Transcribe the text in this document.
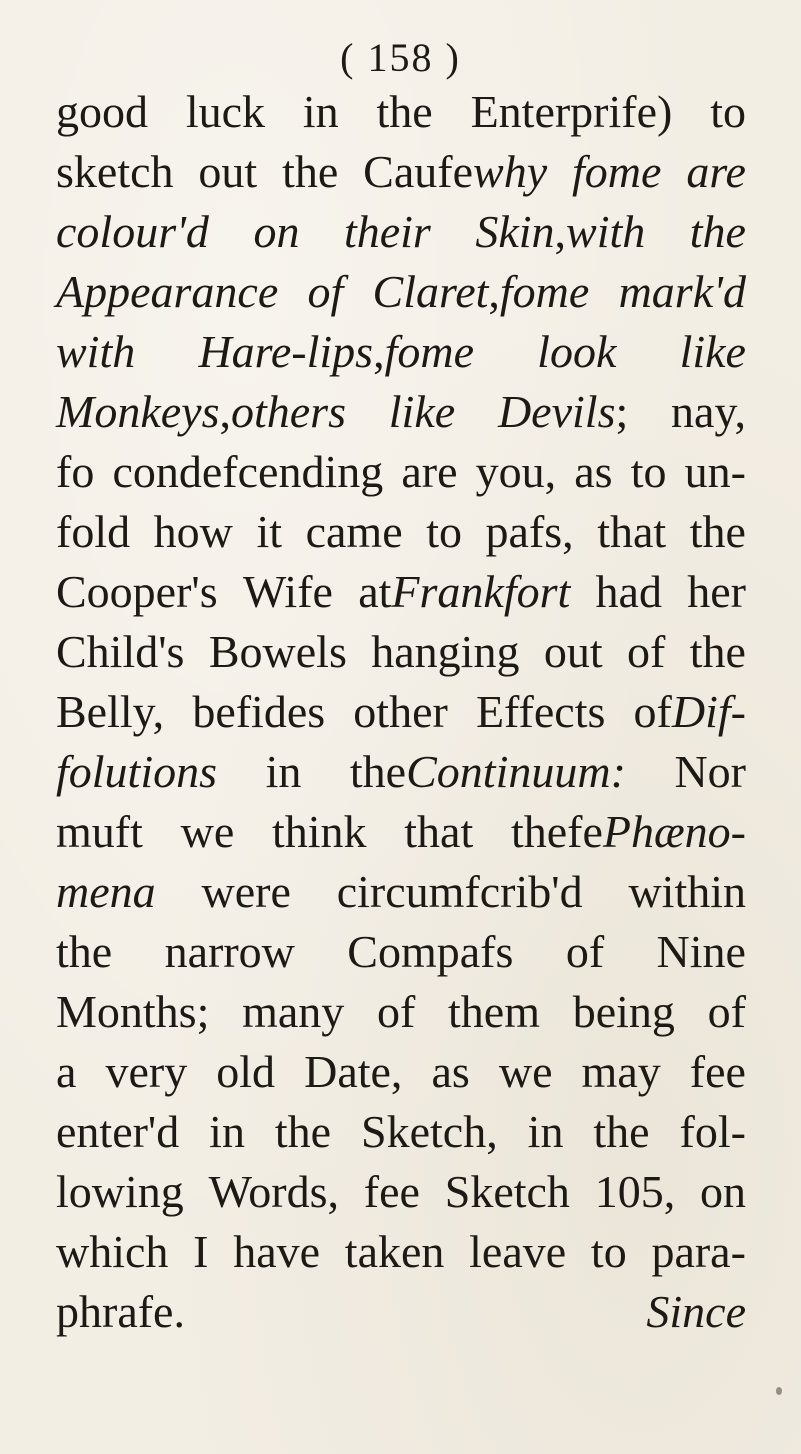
( 158 )
good luck in the Enterprife) to
sketch out the Caufewhy fome are
colour'd on their Skin,with the
Appearance of Claret,fome mark'd
with Hare-lips,fome look like
Monkeys,others like Devils; nay,
fo condefcending are you, as to un-
fold how it came to pafs, that the
Cooper's Wife atFrankfort had her
Child's Bowels hanging out of the
Belly, befides other Effects ofDif-
folutions in theContinuum: Nor
muft we think that thefePhæno-
mena were circumfcrib'd within
the narrow Compafs of Nine
Months; many of them being of
a very old Date, as we may fee
enter'd in the Sketch, in the fol-
lowing Words, fee Sketch 105, on
which I have taken leave to para-
phrafe.	Since
